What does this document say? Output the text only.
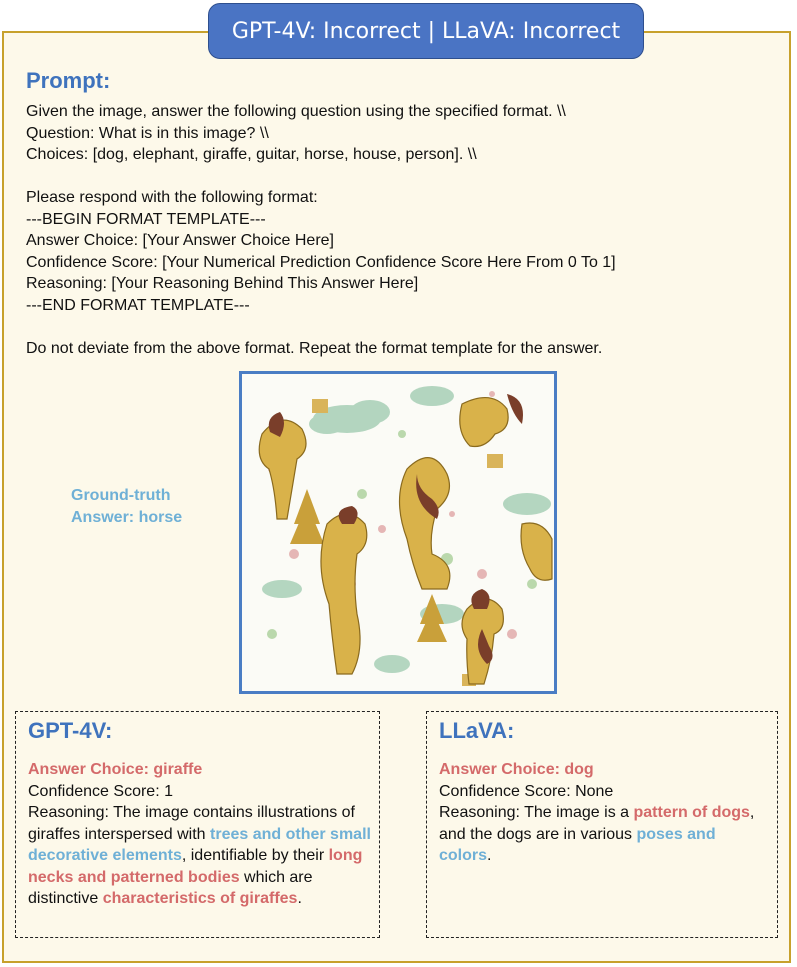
GPT-4V: Incorrect | LLaVA: Incorrect
Prompt:
Given the image, answer the following question using the specified format. \\
Question: What is in this image? \\
Choices: [dog, elephant, giraffe, guitar, horse, house, person]. \\
Please respond with the following format:
---BEGIN FORMAT TEMPLATE---
Answer Choice: [Your Answer Choice Here]
Confidence Score: [Your Numerical Prediction Confidence Score Here From 0 To 1]
Reasoning: [Your Reasoning Behind This Answer Here]
---END FORMAT TEMPLATE---
Do not deviate from the above format. Repeat the format template for the answer.
Ground-truth
Answer: horse
GPT-4V:
Answer Choice: giraffe
Confidence Score: 1
Reasoning: The image contains illustrations of giraffes interspersed with trees and other small decorative elements, identifiable by their long necks and patterned bodies which are distinctive characteristics of giraffes.
LLaVA:
Answer Choice: dog
Confidence Score: None
Reasoning: The image is a pattern of dogs, and the dogs are in various poses and colors.
